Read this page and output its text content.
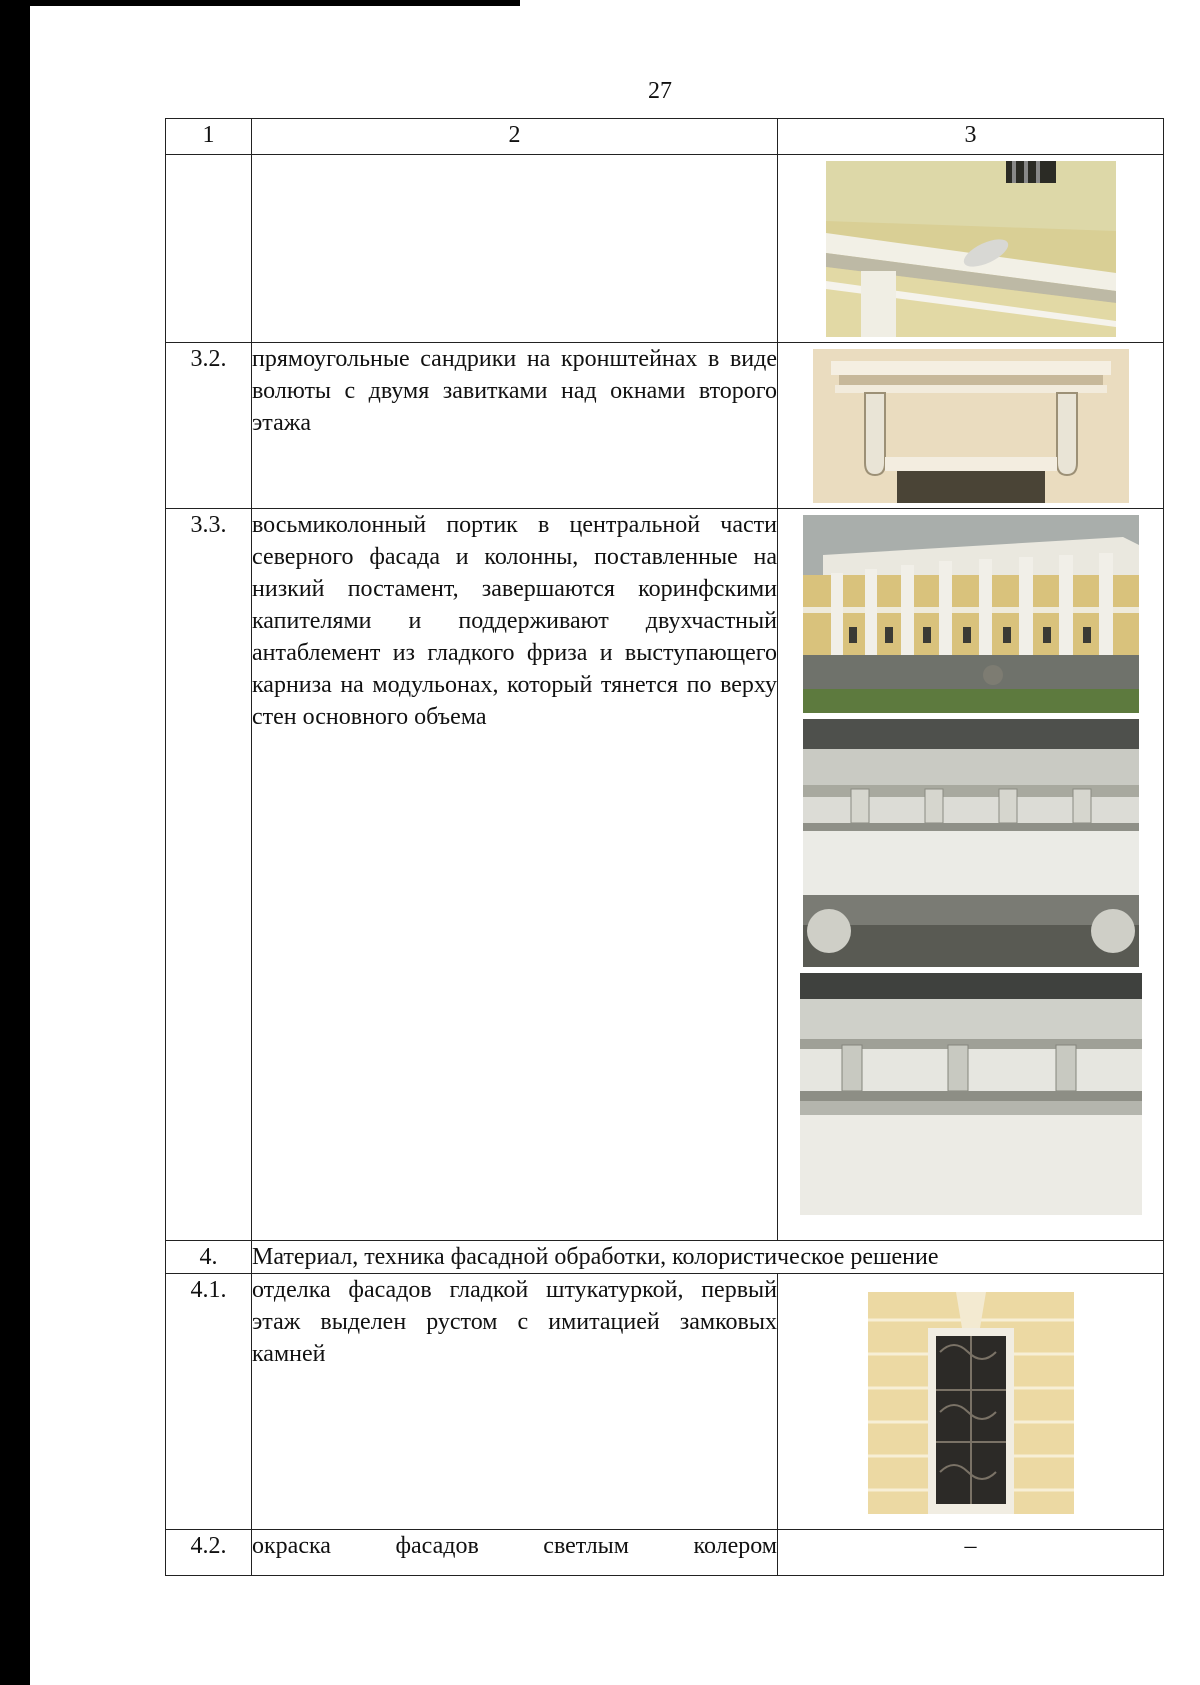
27
1	2	3

3.2.	прямоугольные сандрики на кронштейнах в виде волюты с двумя завитками над окнами второго этажа	

3.3.	восьмиколонный портик в центральной части северного фасада и колонны, поставленные на низкий постамент, завершаются коринфскими капителями и поддерживают двухчастный антаблемент из гладкого фриза и выступающего карниза на модульонах, который тянется по верху стен основного объема	

4.	Материал, техника фасадной обработки, колористическое решение	
4.1.	отделка фасадов гладкой штукатуркой, первый этаж выделен рустом с имитацией замковых камней	

4.2.	окраска фасадов светлым колером	–
